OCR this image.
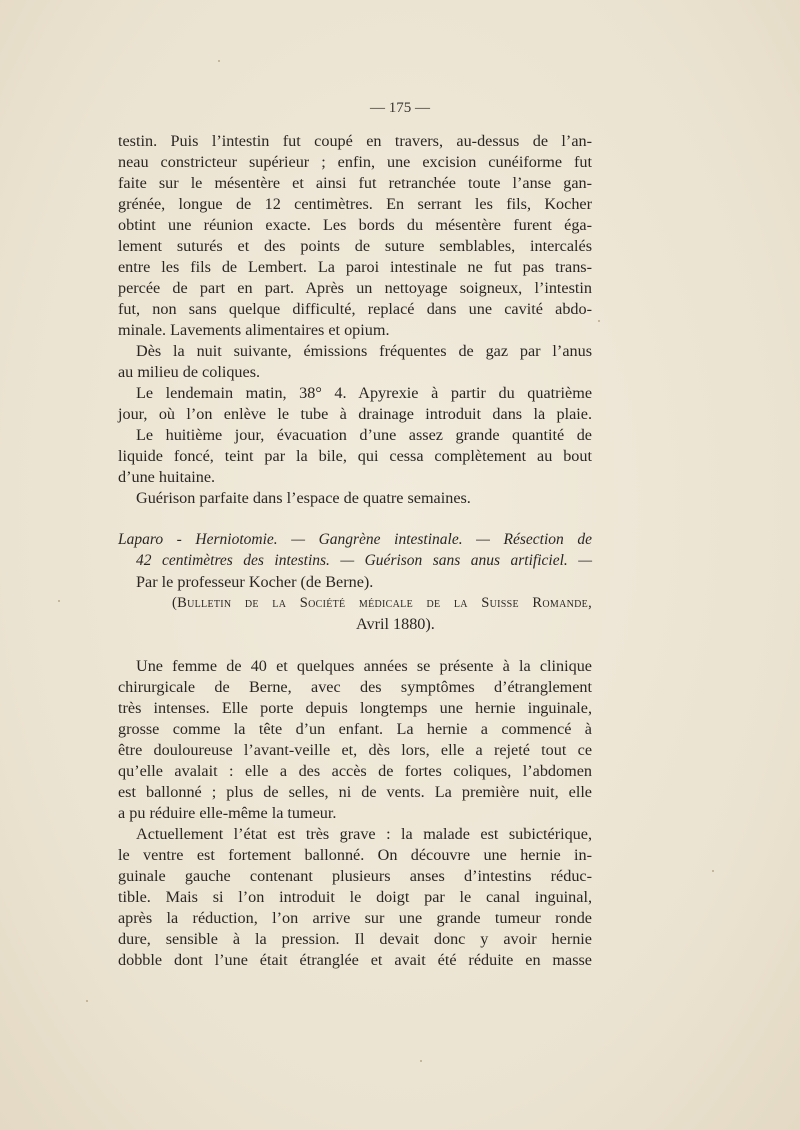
— 175 —
testin. Puis l’intestin fut coupé en travers, au-dessus de l’an-
neau constricteur supérieur ; enfin, une excision cunéiforme fut
faite sur le mésentère et ainsi fut retranchée toute l’anse gan-
grénée, longue de 12 centimètres. En serrant les fils, Kocher
obtint une réunion exacte. Les bords du mésentère furent éga-
lement suturés et des points de suture semblables, intercalés
entre les fils de Lembert. La paroi intestinale ne fut pas trans-
percée de part en part. Après un nettoyage soigneux, l’intestin
fut, non sans quelque difficulté, replacé dans une cavité abdo-
minale. Lavements alimentaires et opium.
Dès la nuit suivante, émissions fréquentes de gaz par l’anus
au milieu de coliques.
Le lendemain matin, 38° 4. Apyrexie à partir du quatrième
jour, où l’on enlève le tube à drainage introduit dans la plaie.
Le huitième jour, évacuation d’une assez grande quantité de
liquide foncé, teint par la bile, qui cessa complètement au bout
d’une huitaine.
Guérison parfaite dans l’espace de quatre semaines.
Laparo - Herniotomie. — Gangrène intestinale. — Résection de
42 centimètres des intestins. — Guérison sans anus artificiel. —
Par le professeur Kocher (de Berne).
(Bulletin de la Société médicale de la Suisse Romande,
Avril 1880).
Une femme de 40 et quelques années se présente à la clinique
chirurgicale de Berne, avec des symptômes d’étranglement
très intenses. Elle porte depuis longtemps une hernie inguinale,
grosse comme la tête d’un enfant. La hernie a commencé à
être douloureuse l’avant-veille et, dès lors, elle a rejeté tout ce
qu’elle avalait : elle a des accès de fortes coliques, l’abdomen
est ballonné ; plus de selles, ni de vents. La première nuit, elle
a pu réduire elle-même la tumeur.
Actuellement l’état est très grave : la malade est subictérique,
le ventre est fortement ballonné. On découvre une hernie in-
guinale gauche contenant plusieurs anses d’intestins réduc-
tible. Mais si l’on introduit le doigt par le canal inguinal,
après la réduction, l’on arrive sur une grande tumeur ronde
dure, sensible à la pression. Il devait donc y avoir hernie
dobble dont l’une était étranglée et avait été réduite en masse
